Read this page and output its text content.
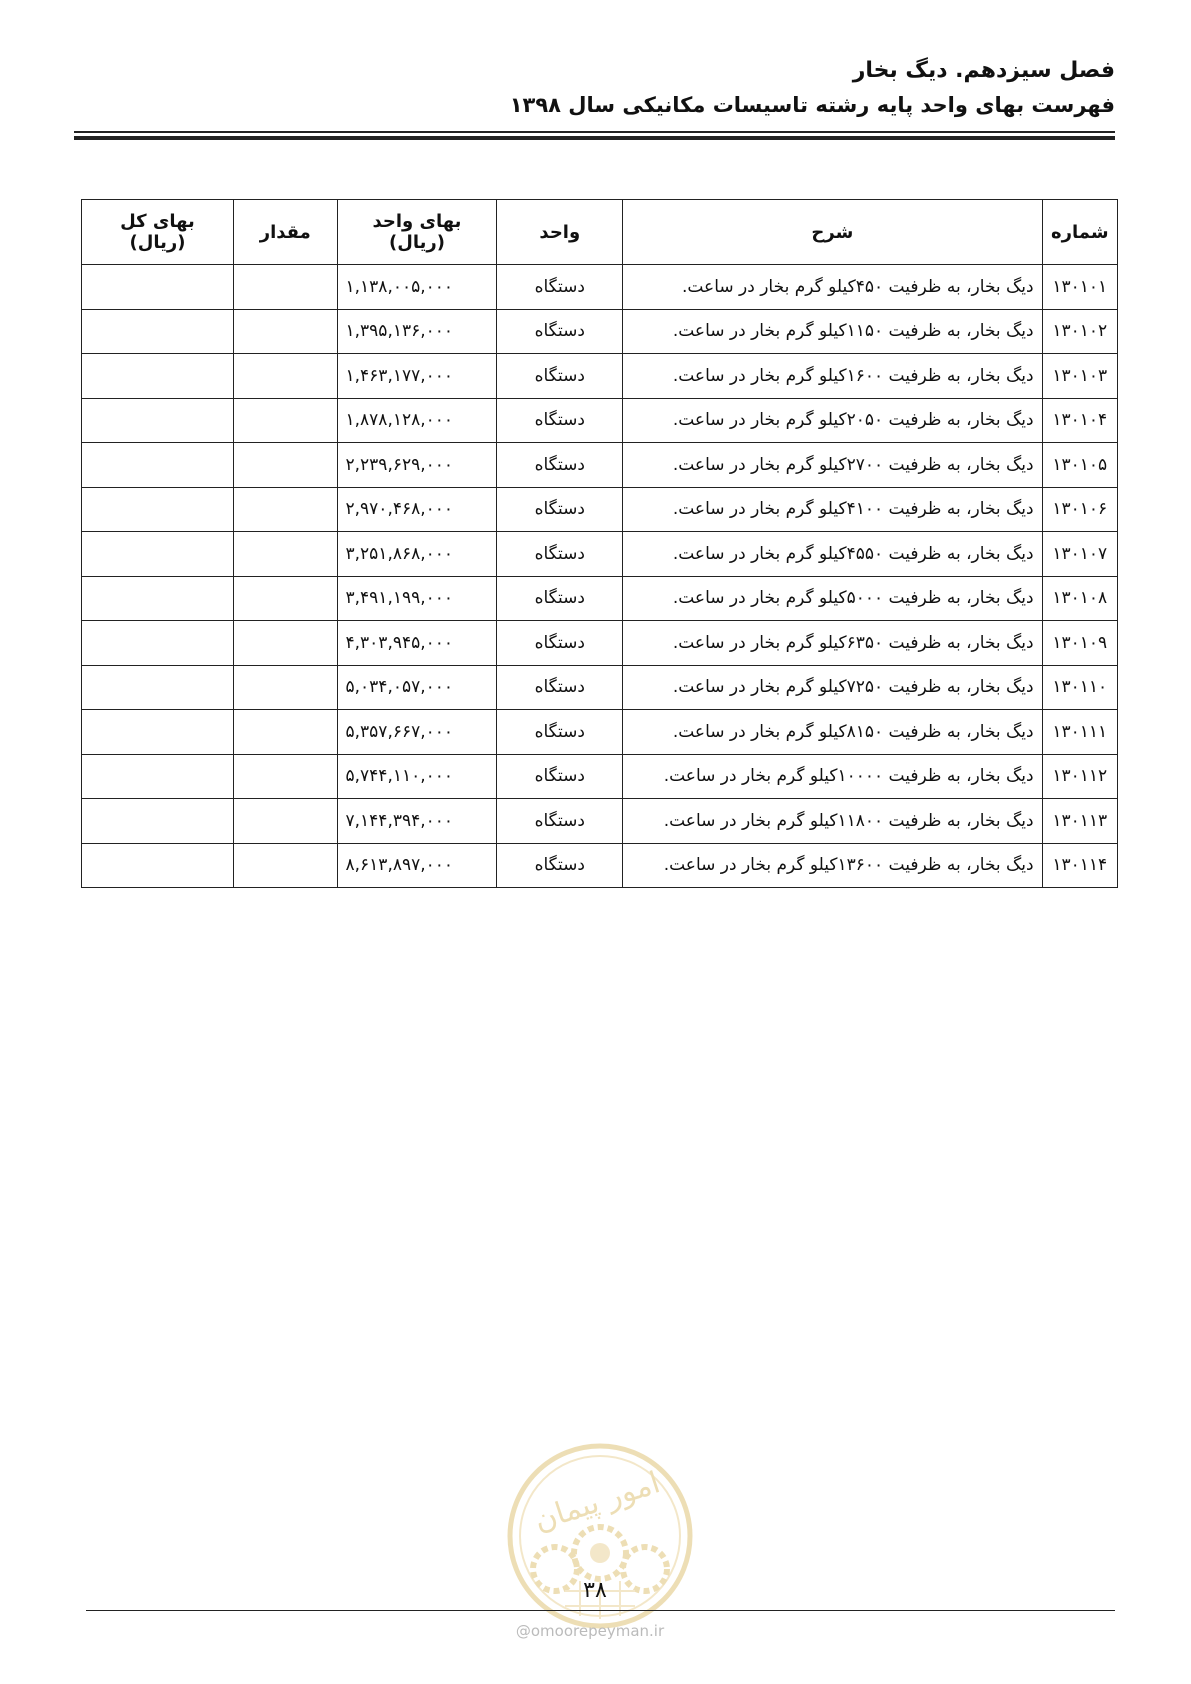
فصل سیزدهم. دیگ بخار
فهرست بهای واحد پایه رشته تاسیسات مکانیکی سال ۱۳۹۸
شماره	شرح	واحد	بهای واحد (ریال)	مقدار	بهای کل (ریال)
۱۳۰۱۰۱	دیگ بخار، به ظرفیت ۴۵۰کیلو گرم بخار در ساعت.	دستگاه	۱,۱۳۸,۰۰۵,۰۰۰		
۱۳۰۱۰۲	دیگ بخار، به ظرفیت ۱۱۵۰کیلو گرم بخار در ساعت.	دستگاه	۱,۳۹۵,۱۳۶,۰۰۰		
۱۳۰۱۰۳	دیگ بخار، به ظرفیت ۱۶۰۰کیلو گرم بخار در ساعت.	دستگاه	۱,۴۶۳,۱۷۷,۰۰۰		
۱۳۰۱۰۴	دیگ بخار، به ظرفیت ۲۰۵۰کیلو گرم بخار در ساعت.	دستگاه	۱,۸۷۸,۱۲۸,۰۰۰		
۱۳۰۱۰۵	دیگ بخار، به ظرفیت ۲۷۰۰کیلو گرم بخار در ساعت.	دستگاه	۲,۲۳۹,۶۲۹,۰۰۰		
۱۳۰۱۰۶	دیگ بخار، به ظرفیت ۴۱۰۰کیلو گرم بخار در ساعت.	دستگاه	۲,۹۷۰,۴۶۸,۰۰۰		
۱۳۰۱۰۷	دیگ بخار، به ظرفیت ۴۵۵۰کیلو گرم بخار در ساعت.	دستگاه	۳,۲۵۱,۸۶۸,۰۰۰		
۱۳۰۱۰۸	دیگ بخار، به ظرفیت ۵۰۰۰کیلو گرم بخار در ساعت.	دستگاه	۳,۴۹۱,۱۹۹,۰۰۰		
۱۳۰۱۰۹	دیگ بخار، به ظرفیت ۶۳۵۰کیلو گرم بخار در ساعت.	دستگاه	۴,۳۰۳,۹۴۵,۰۰۰		
۱۳۰۱۱۰	دیگ بخار، به ظرفیت ۷۲۵۰کیلو گرم بخار در ساعت.	دستگاه	۵,۰۳۴,۰۵۷,۰۰۰		
۱۳۰۱۱۱	دیگ بخار، به ظرفیت ۸۱۵۰کیلو گرم بخار در ساعت.	دستگاه	۵,۳۵۷,۶۶۷,۰۰۰		
۱۳۰۱۱۲	دیگ بخار، به ظرفیت ۱۰۰۰۰کیلو گرم بخار در ساعت.	دستگاه	۵,۷۴۴,۱۱۰,۰۰۰		
۱۳۰۱۱۳	دیگ بخار، به ظرفیت ۱۱۸۰۰کیلو گرم بخار در ساعت.	دستگاه	۷,۱۴۴,۳۹۴,۰۰۰		
۱۳۰۱۱۴	دیگ بخار، به ظرفیت ۱۳۶۰۰کیلو گرم بخار در ساعت.	دستگاه	۸,۶۱۳,۸۹۷,۰۰۰		
امور پیمان
۳۸
@omoorepeyman.ir
